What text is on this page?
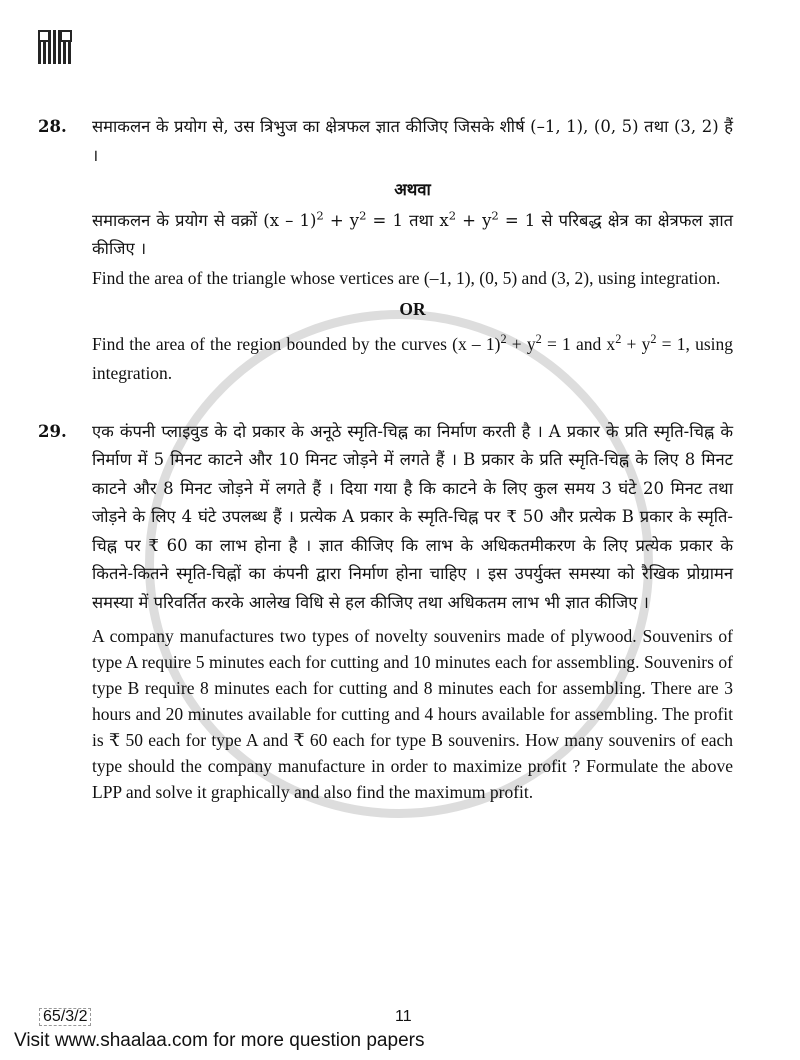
28.	समाकलन के प्रयोग से, उस त्रिभुज का क्षेत्रफल ज्ञात कीजिए जिसके शीर्ष (–1, 1), (0, 5) तथा (3, 2) हैं ।

अथवा

समाकलन के प्रयोग से वक्रों $(x - 1)^2 + y^2 = 1$ तथा $x^2 + y^2 = 1$ से परिबद्ध क्षेत्र का क्षेत्रफल ज्ञात कीजिए ।

Find the area of the triangle whose vertices are (–1, 1), (0, 5) and (3, 2), using integration.

OR

Find the area of the region bounded by the curves $(x - 1)^2 + y^2 = 1$ and $x^2 + y^2 = 1$, using integration.

29.	एक कंपनी प्लाइवुड के दो प्रकार के अनूठे स्मृति-चिह्न का निर्माण करती है । A प्रकार के प्रति स्मृति-चिह्न के निर्माण में 5 मिनट काटने और 10 मिनट जोड़ने में लगते हैं । B प्रकार के प्रति स्मृति-चिह्न के लिए 8 मिनट काटने और 8 मिनट जोड़ने में लगते हैं । दिया गया है कि काटने के लिए कुल समय 3 घंटे 20 मिनट तथा जोड़ने के लिए 4 घंटे उपलब्ध हैं । प्रत्येक A प्रकार के स्मृति-चिह्न पर ₹ 50 और प्रत्येक B प्रकार के स्मृति-चिह्न पर ₹ 60 का लाभ होना है । ज्ञात कीजिए कि लाभ के अधिकतमीकरण के लिए प्रत्येक प्रकार के कितने-कितने स्मृति-चिह्नों का कंपनी द्वारा निर्माण होना चाहिए । इस उपर्युक्त समस्या को रैखिक प्रोग्रामन समस्या में परिवर्तित करके आलेख विधि से हल कीजिए तथा अधिकतम लाभ भी ज्ञात कीजिए ।

A company manufactures two types of novelty souvenirs made of plywood. Souvenirs of type A require 5 minutes each for cutting and 10 minutes each for assembling. Souvenirs of type B require 8 minutes each for cutting and 8 minutes each for assembling. There are 3 hours and 20 minutes available for cutting and 4 hours available for assembling. The profit is ₹ 50 each for type A and ₹ 60 each for type B souvenirs. How many souvenirs of each type should the company manufacture in order to maximize profit ? Formulate the above LPP and solve it graphically and also find the maximum profit.

65/3/2	11
Visit www.shaalaa.com for more question papers
